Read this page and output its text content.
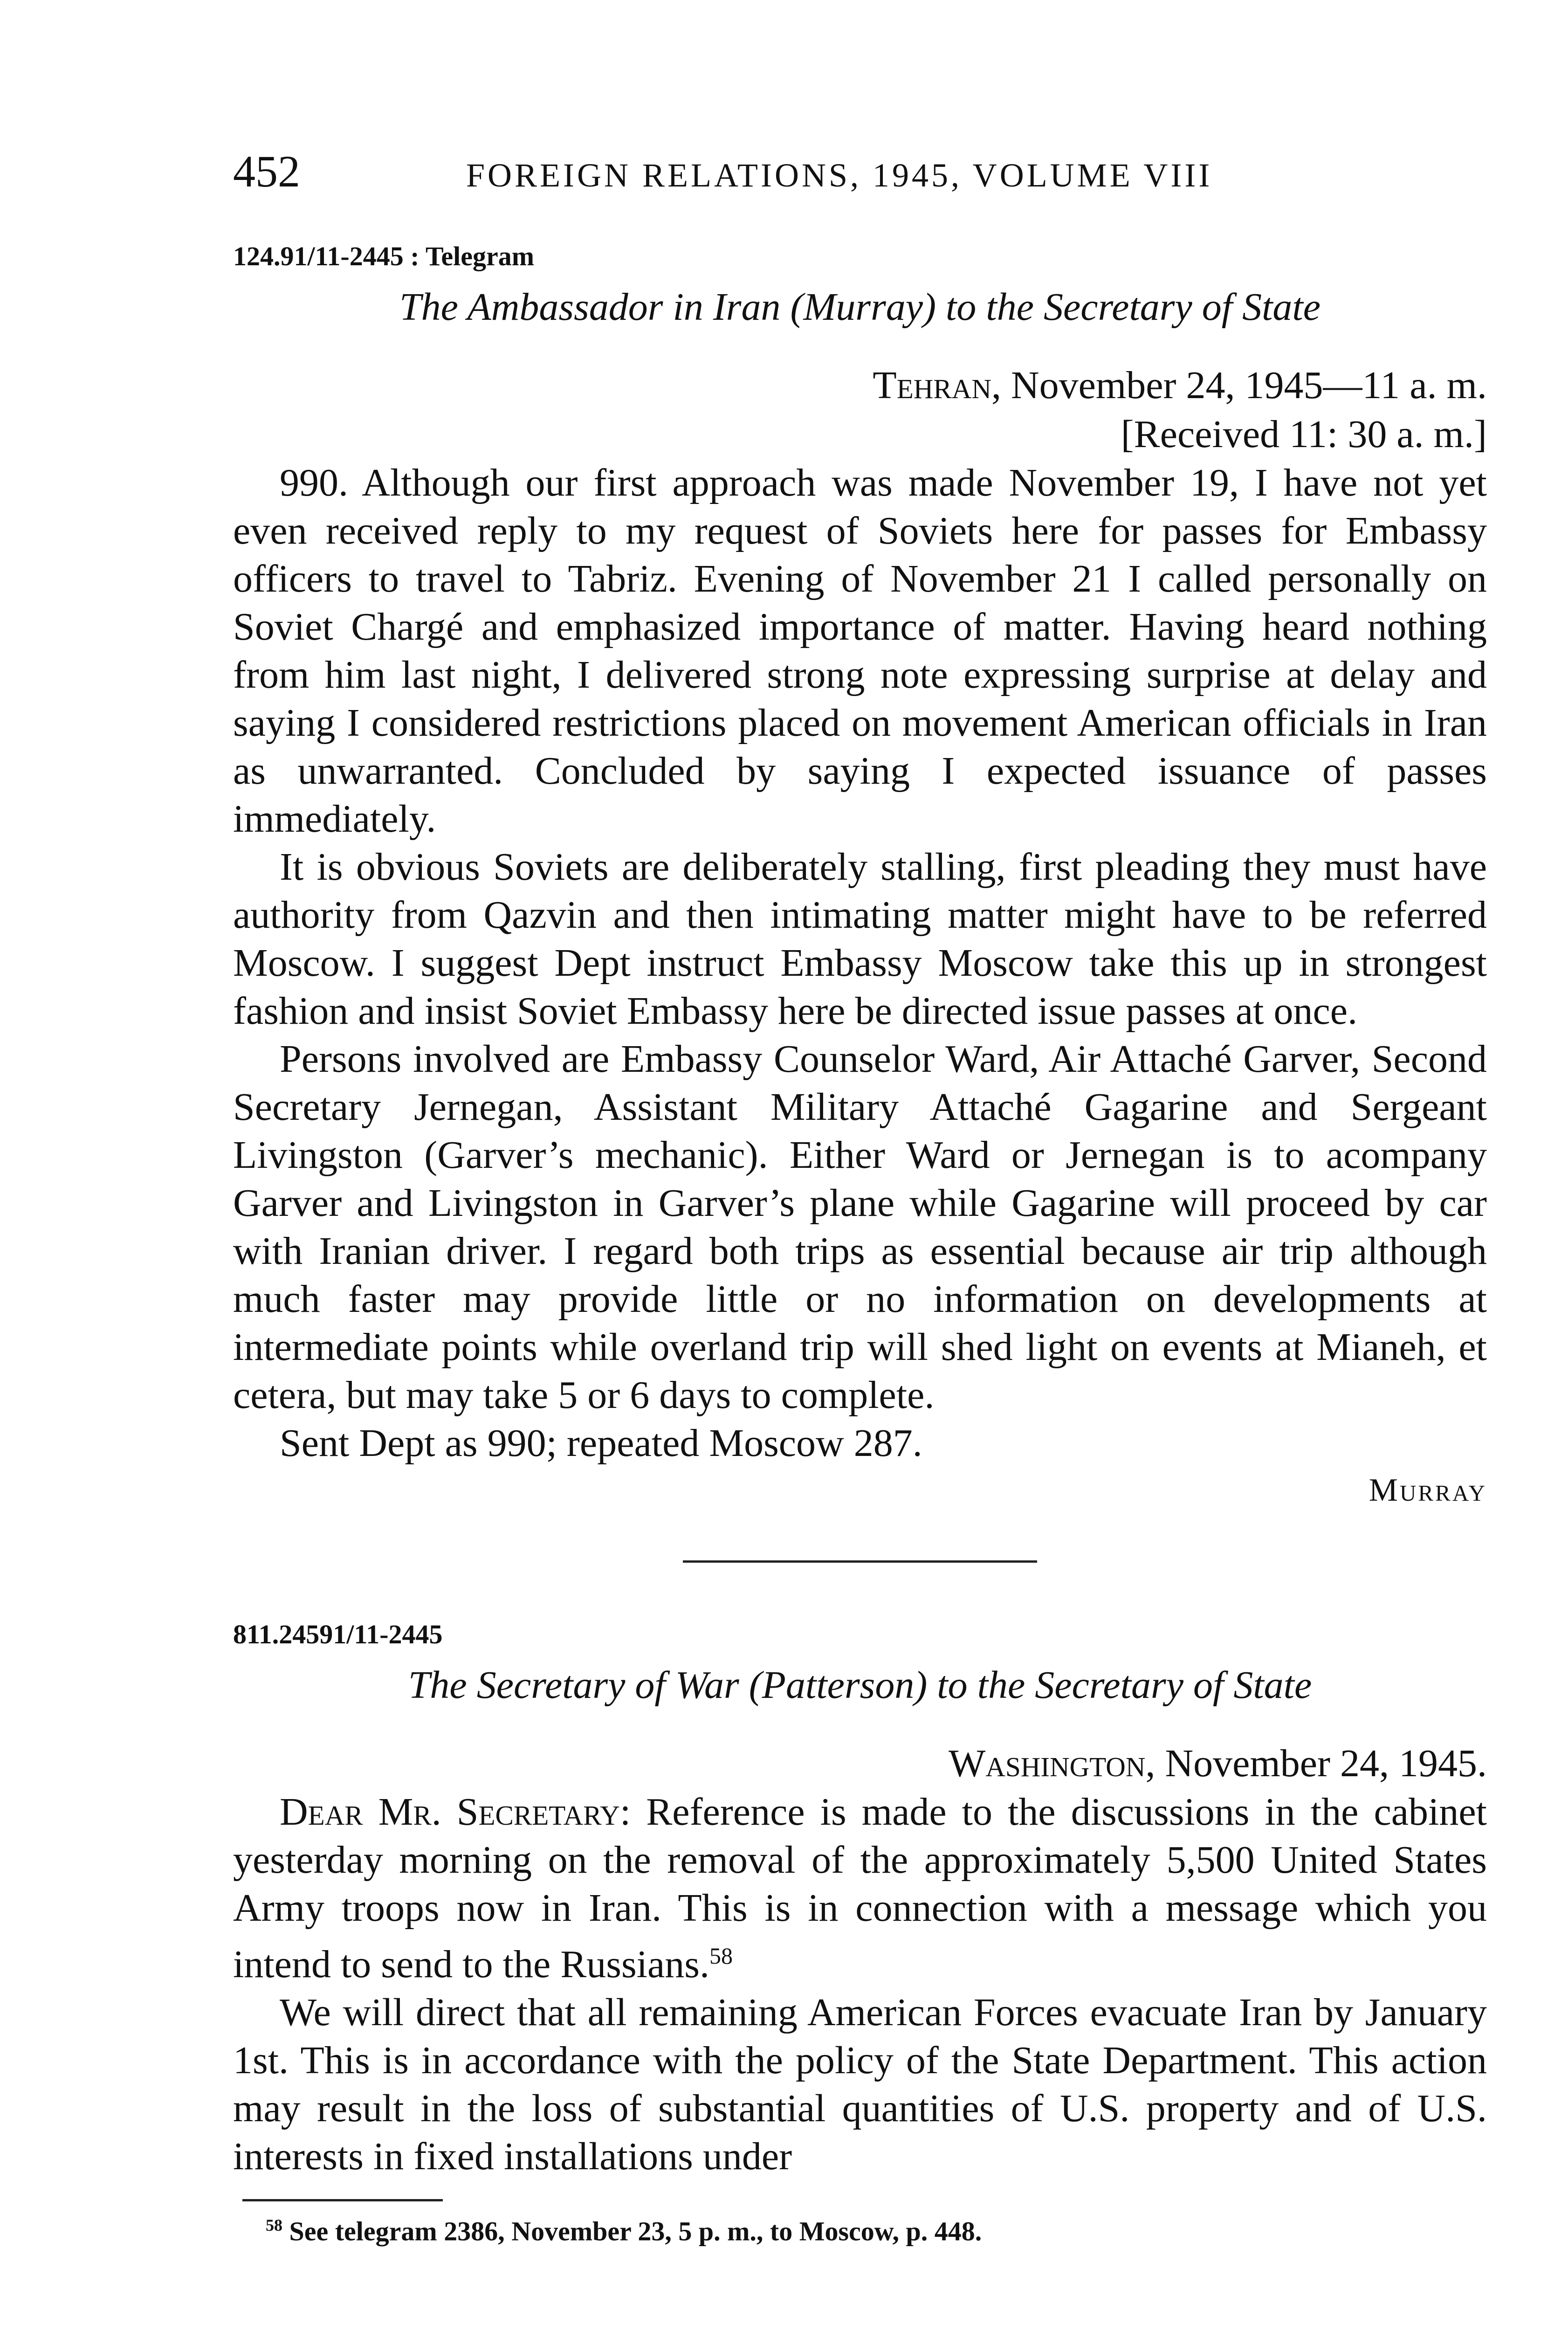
452	FOREIGN RELATIONS, 1945, VOLUME VIII
124.91/11-2445 : Telegram
The Ambassador in Iran (Murray) to the Secretary of State
Tehran, November 24, 1945—11 a. m.
[Received 11: 30 a. m.]

990. Although our first approach was made November 19, I have not yet even received reply to my request of Soviets here for passes for Embassy officers to travel to Tabriz. Evening of November 21 I called personally on Soviet Chargé and emphasized importance of matter. Having heard nothing from him last night, I delivered strong note expressing surprise at delay and saying I considered restrictions placed on movement American officials in Iran as unwarranted. Concluded by saying I expected issuance of passes immediately.

It is obvious Soviets are deliberately stalling, first pleading they must have authority from Qazvin and then intimating matter might have to be referred Moscow. I suggest Dept instruct Embassy Moscow take this up in strongest fashion and insist Soviet Embassy here be directed issue passes at once.

Persons involved are Embassy Counselor Ward, Air Attaché Garver, Second Secretary Jernegan, Assistant Military Attaché Gagarine and Sergeant Livingston (Garver’s mechanic). Either Ward or Jernegan is to acompany Garver and Livingston in Garver’s plane while Gagarine will proceed by car with Iranian driver. I regard both trips as essential because air trip although much faster may provide little or no information on developments at intermediate points while overland trip will shed light on events at Mianeh, et cetera, but may take 5 or 6 days to complete.

Sent Dept as 990; repeated Moscow 287.

Murray
811.24591/11-2445
The Secretary of War (Patterson) to the Secretary of State
Washington, November 24, 1945.

Dear Mr. Secretary: Reference is made to the discussions in the cabinet yesterday morning on the removal of the approximately 5,500 United States Army troops now in Iran. This is in connection with a message which you intend to send to the Russians.$^{58}$

We will direct that all remaining American Forces evacuate Iran by January 1st. This is in accordance with the policy of the State Department. This action may result in the loss of substantial quantities of U.S. property and of U.S. interests in fixed installations under

$^{58}$ See telegram 2386, November 23, 5 p. m., to Moscow, p. 448.
